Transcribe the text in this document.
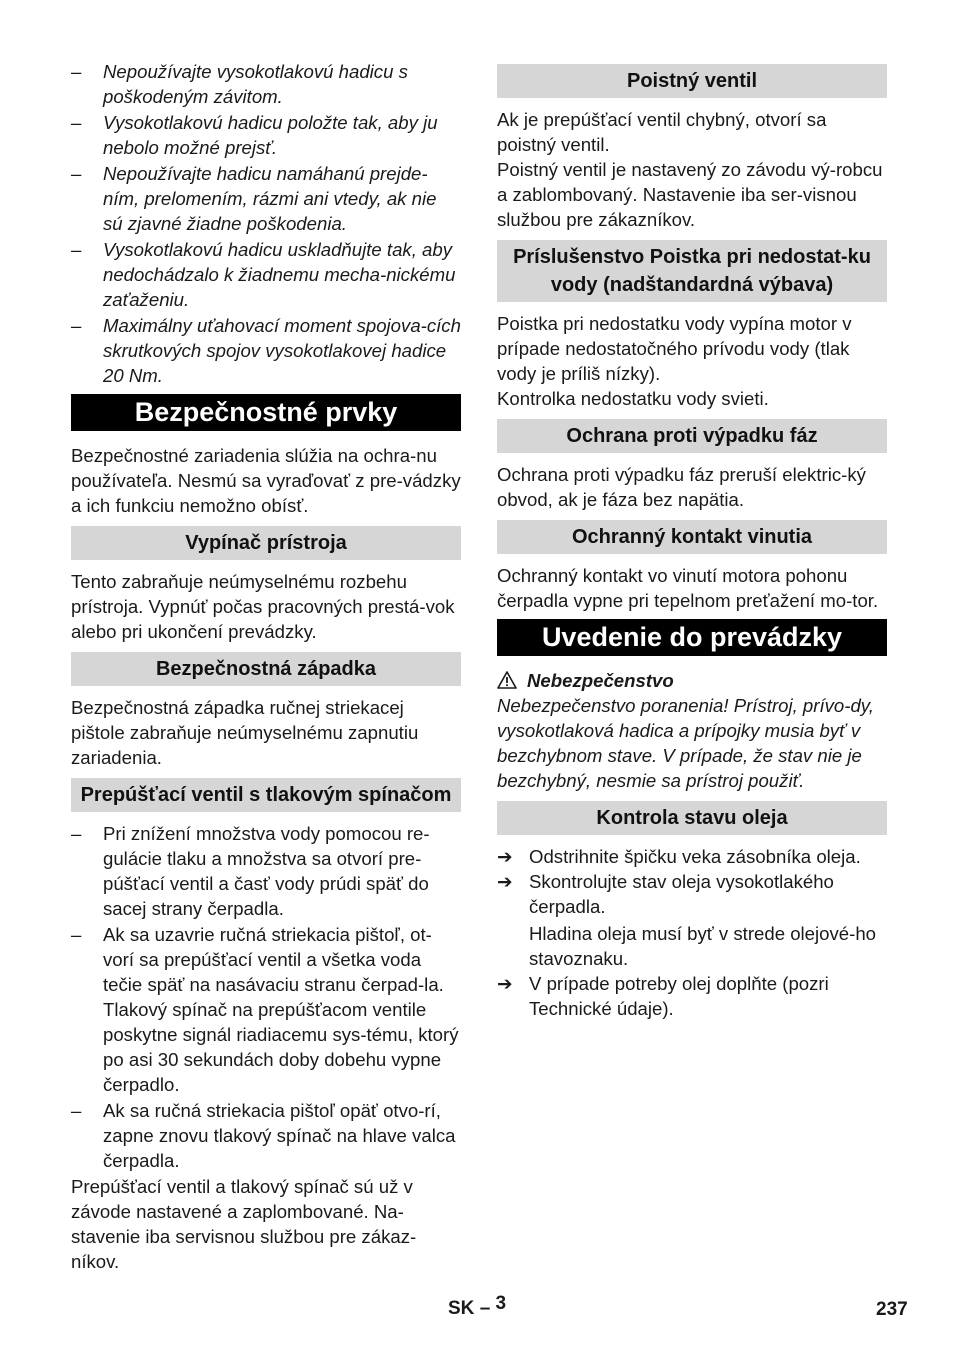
–	Nepoužívajte vysokotlakovú hadicu s poškodeným závitom.
–	Vysokotlakovú hadicu položte tak, aby ju nebolo možné prejsť.
–	Nepoužívajte hadicu namáhanú prejde-ním, prelomením, rázmi ani vtedy, ak nie sú zjavné žiadne poškodenia.
–	Vysokotlakovú hadicu uskladňujte tak, aby nedochádzalo k žiadnemu mecha-nickému zaťaženiu.
–	Maximálny uťahovací moment spojova-cích skrutkových spojov vysokotlakovej hadice 20 Nm.
Bezpečnostné prvky

Bezpečnostné zariadenia slúžia na ochra-nu používateľa. Nesmú sa vyraďovať z pre-vádzky a ich funkciu nemožno obísť.

Vypínač prístroja

Tento zabraňuje neúmyselnému rozbehu prístroja. Vypnúť počas pracovných prestá-vok alebo pri ukončení prevádzky.

Bezpečnostná západka

Bezpečnostná západka ručnej striekacej pištole zabraňuje neúmyselnému zapnutiu zariadenia.

Prepúšťací ventil s tlakovým spínačom
–	Pri znížení množstva vody pomocou re-gulácie tlaku a množstva sa otvorí pre-púšťací ventil a časť vody prúdi späť do sacej strany čerpadla.
–	Ak sa uzavrie ručná striekacia pištoľ, ot-vorí sa prepúšťací ventil a všetka voda tečie späť na nasávaciu stranu čerpad-la. Tlakový spínač na prepúšťacom ventile poskytne signál riadiacemu sys-tému, ktorý po asi 30 sekundách doby dobehu vypne čerpadlo.
–	Ak sa ručná striekacia pištoľ opäť otvo-rí, zapne znovu tlakový spínač na hlave valca čerpadla.

Prepúšťací ventil a tlakový spínač sú už v závode nastavené a zaplombované. Na-stavenie iba servisnou službou pre zákaz-níkov.

Poistný ventil

Ak je prepúšťací ventil chybný, otvorí sa poistný ventil.

Poistný ventil je nastavený zo závodu vý-robcu a zablombovaný. Nastavenie iba ser-visnou službou pre zákazníkov.

Príslušenstvo Poistka pri nedostat-ku vody (nadštandardná výbava)

Poistka pri nedostatku vody vypína motor v prípade nedostatočného prívodu vody (tlak vody je príliš nízky).

Kontrolka nedostatku vody svieti.

Ochrana proti výpadku fáz

Ochrana proti výpadku fáz preruší elektric-ký obvod, ak je fáza bez napätia.

Ochranný kontakt vinutia

Ochranný kontakt vo vinutí motora pohonu čerpadla vypne pri tepelnom preťažení mo-tor.

Uvedenie do prevádzky

Nebezpečenstvo

Nebezpečenstvo poranenia! Prístroj, prívo-dy, vysokotlaková hadica a prípojky musia byť v bezchybnom stave. V prípade, že stav nie je bezchybný, nesmie sa prístroj použiť.

Kontrola stavu oleja
➔ Odstrihnite špičku veka zásobníka oleja.
➔ Skontrolujte stav oleja vysokotlakého čerpadla.

Hladina oleja musí byť v strede olejové-ho stavoznaku.

➔ V prípade potreby olej doplňte (pozri Technické údaje).
SK – 3	237
